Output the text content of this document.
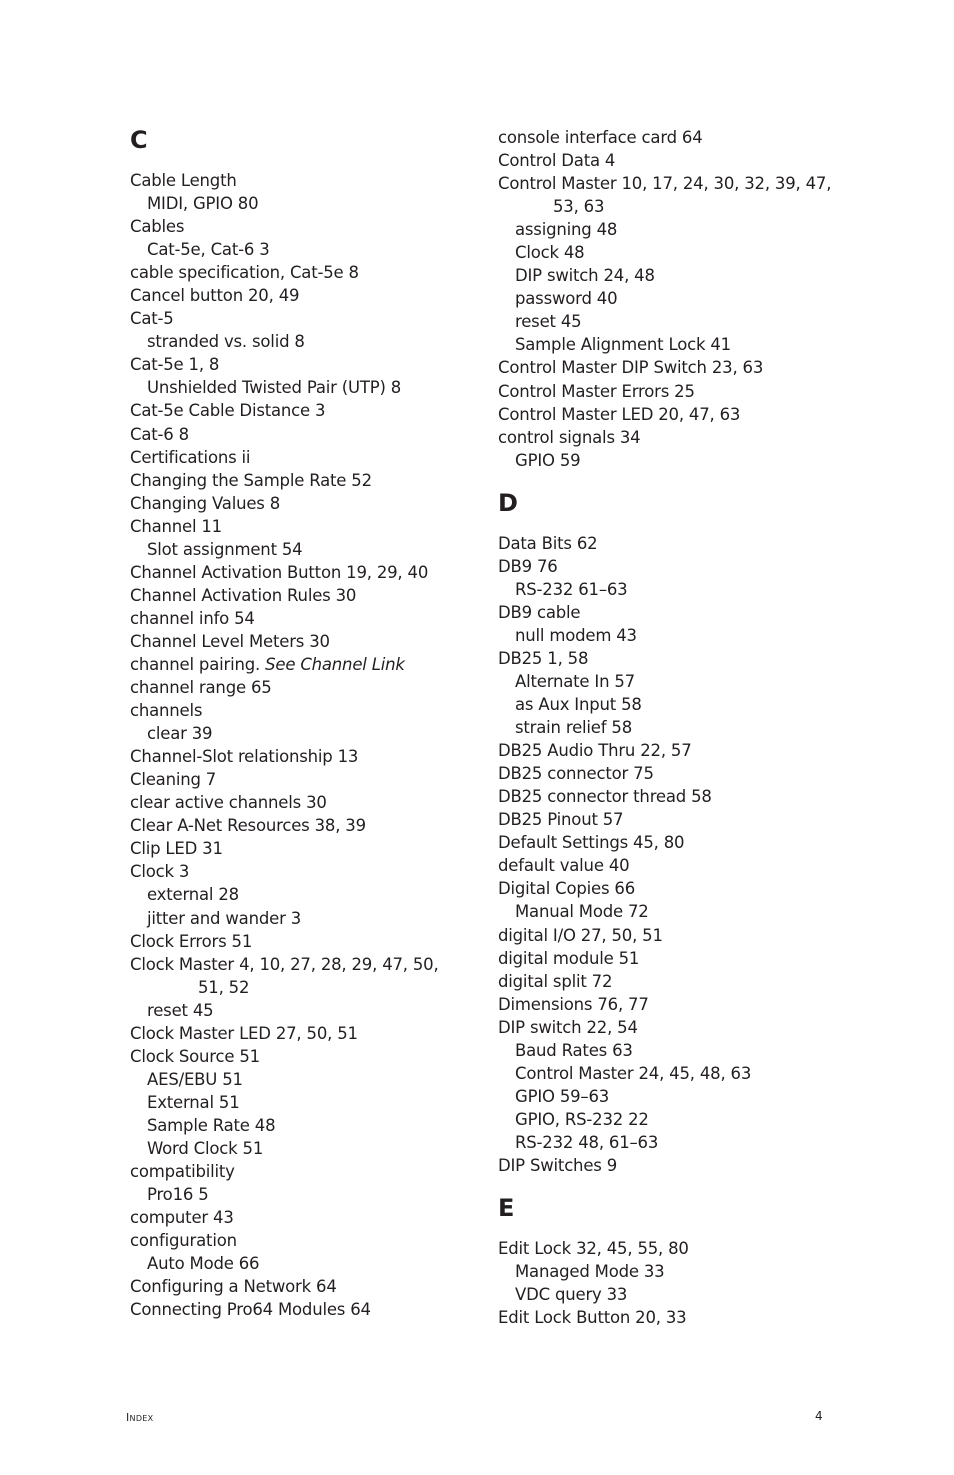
C
Cable Length
MIDI, GPIO 80
Cables
Cat-5e, Cat-6 3
cable specification, Cat-5e 8
Cancel button 20, 49
Cat-5
stranded vs. solid 8
Cat-5e 1, 8
Unshielded Twisted Pair (UTP) 8
Cat-5e Cable Distance 3
Cat-6 8
Certifications ii
Changing the Sample Rate 52
Changing Values 8
Channel 11
Slot assignment 54
Channel Activation Button 19, 29, 40
Channel Activation Rules 30
channel info 54
Channel Level Meters 30
channel pairing. See Channel Link
channel range 65
channels
clear 39
Channel-Slot relationship 13
Cleaning 7
clear active channels 30
Clear A-Net Resources 38, 39
Clip LED 31
Clock 3
external 28
jitter and wander 3
Clock Errors 51
Clock Master 4, 10, 27, 28, 29, 47, 50,
51, 52
reset 45
Clock Master LED 27, 50, 51
Clock Source 51
AES/EBU 51
External 51
Sample Rate 48
Word Clock 51
compatibility
Pro16 5
computer 43
configuration
Auto Mode 66
Configuring a Network 64
Connecting Pro64 Modules 64
console interface card 64
Control Data 4
Control Master 10, 17, 24, 30, 32, 39, 47,
53, 63
assigning 48
Clock 48
DIP switch 24, 48
password 40
reset 45
Sample Alignment Lock 41
Control Master DIP Switch 23, 63
Control Master Errors 25
Control Master LED 20, 47, 63
control signals 34
GPIO 59
D
Data Bits 62
DB9 76
RS-232 61–63
DB9 cable
null modem 43
DB25 1, 58
Alternate In 57
as Aux Input 58
strain relief 58
DB25 Audio Thru 22, 57
DB25 connector 75
DB25 connector thread 58
DB25 Pinout 57
Default Settings 45, 80
default value 40
Digital Copies 66
Manual Mode 72
digital I/O 27, 50, 51
digital module 51
digital split 72
Dimensions 76, 77
DIP switch 22, 54
Baud Rates 63
Control Master 24, 45, 48, 63
GPIO 59–63
GPIO, RS-232 22
RS-232 48, 61–63
DIP Switches 9
E
Edit Lock 32, 45, 55, 80
Managed Mode 33
VDC query 33
Edit Lock Button 20, 33
Index	4
